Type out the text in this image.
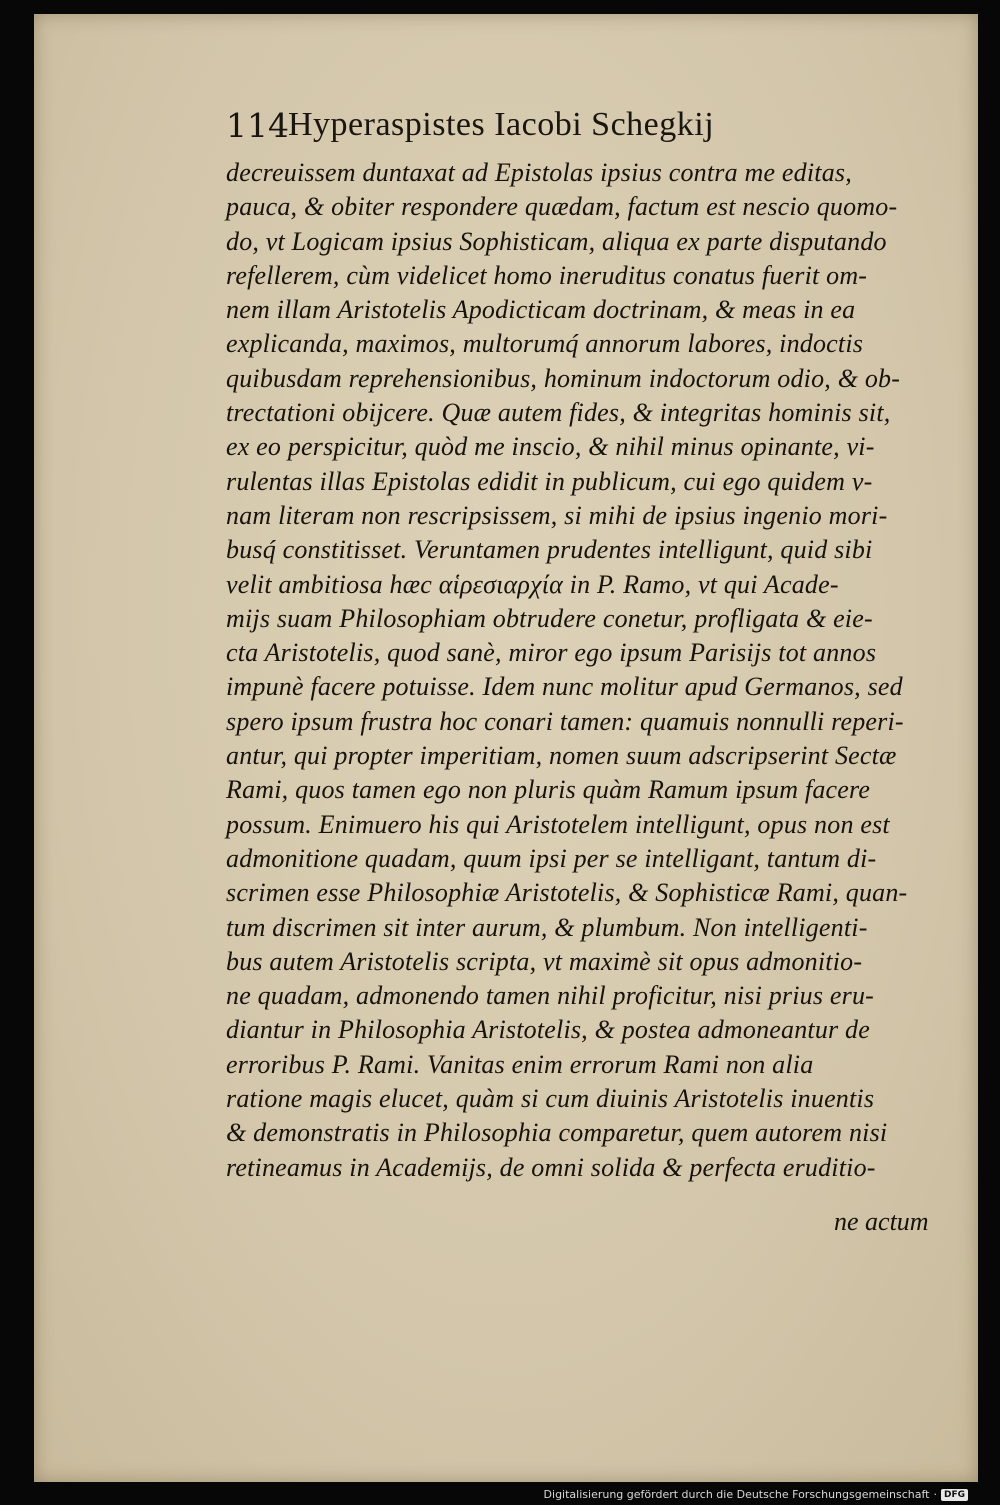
114 Hyperaspistes Iacobi Schegkij
decreuissem duntaxat ad Epistolas ipsius contra me editas,
pauca, & obiter respondere quædam, factum est nescio quomo-
do, vt Logicam ipsius Sophisticam, aliqua ex parte disputando
refellerem, cùm videlicet homo ineruditus conatus fuerit om-
nem illam Aristotelis Apodicticam doctrinam, & meas in ea
explicanda, maximos, multorumq́ annorum labores, indoctis
quibusdam reprehensionibus, hominum indoctorum odio, & ob-
trectationi obijcere. Quæ autem fides, & integritas hominis sit,
ex eo perspicitur, quòd me inscio, & nihil minus opinante, vi-
rulentas illas Epistolas edidit in publicum, cui ego quidem v-
nam literam non rescripsissem, si mihi de ipsius ingenio mori-
busq́ constitisset. Veruntamen prudentes intelligunt, quid sibi
velit ambitiosa hæc αἱρεσιαρχία in P. Ramo, vt qui Acade-
mijs suam Philosophiam obtrudere conetur, profligata & eie-
cta Aristotelis, quod sanè, miror ego ipsum Parisijs tot annos
impunè facere potuisse. Idem nunc molitur apud Germanos, sed
spero ipsum frustra hoc conari tamen: quamuis nonnulli reperi-
antur, qui propter imperitiam, nomen suum adscripserint Sectæ
Rami, quos tamen ego non pluris quàm Ramum ipsum facere
possum. Enimuero his qui Aristotelem intelligunt, opus non est
admonitione quadam, quum ipsi per se intelligant, tantum di-
scrimen esse Philosophiæ Aristotelis, & Sophisticæ Rami, quan-
tum discrimen sit inter aurum, & plumbum. Non intelligenti-
bus autem Aristotelis scripta, vt maximè sit opus admonitio-
ne quadam, admonendo tamen nihil proficitur, nisi prius eru-
diantur in Philosophia Aristotelis, & postea admoneantur de
erroribus P. Rami. Vanitas enim errorum Rami non alia
ratione magis elucet, quàm si cum diuinis Aristotelis inuentis
& demonstratis in Philosophia comparetur, quem autorem nisi
retineamus in Academijs, de omni solida & perfecta eruditio-
ne actum
Digitalisierung gefördert durch die Deutsche Forschungsgemeinschaft · DFG
